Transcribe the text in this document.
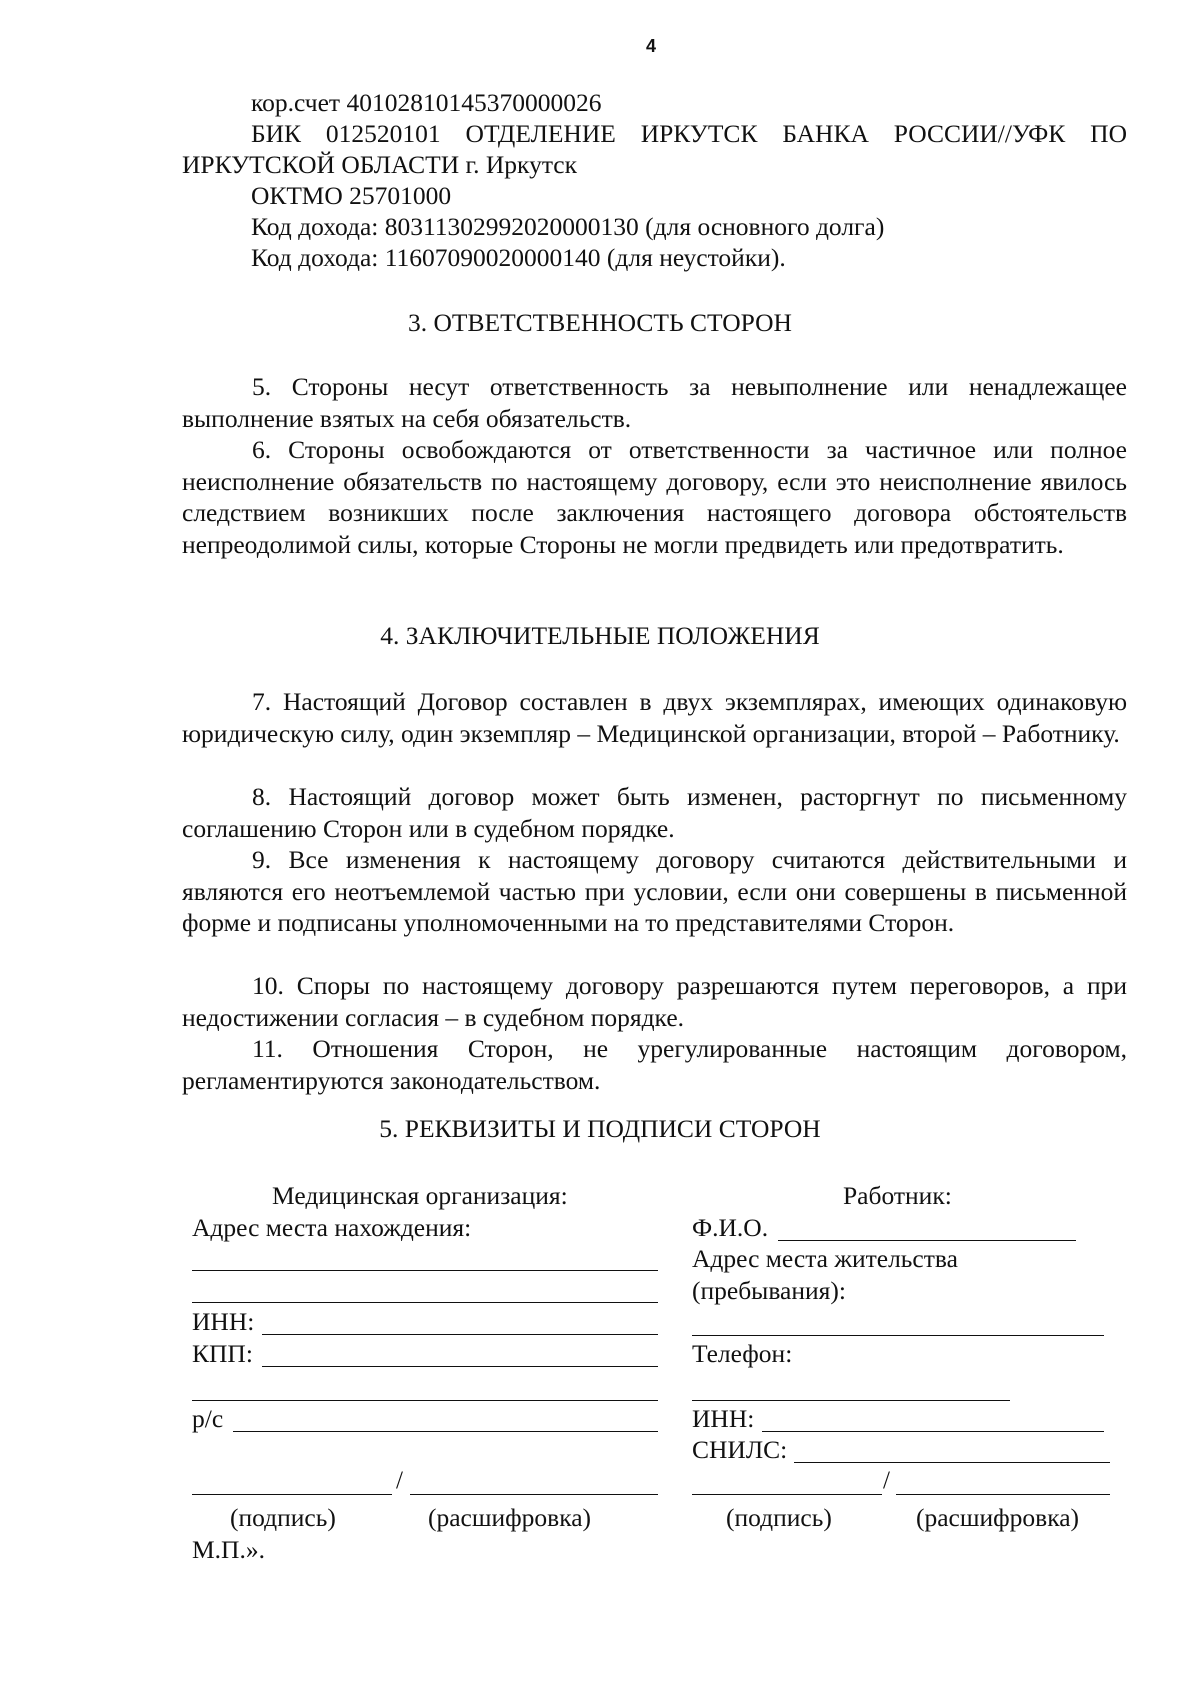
4
кор.счет 40102810145370000026
БИК 012520101 ОТДЕЛЕНИЕ ИРКУТСК БАНКА РОССИИ//УФК ПО
ИРКУТСКОЙ ОБЛАСТИ г. Иркутск
ОКТМО 25701000
Код дохода: 80311302992020000130 (для основного долга)
Код дохода: 11607090020000140 (для неустойки).
3. ОТВЕТСТВЕННОСТЬ СТОРОН
5. Стороны несут ответственность за невыполнение или ненадлежащее выполнение взятых на себя обязательств.
6. Стороны освобождаются от ответственности за частичное или полное неисполнение обязательств по настоящему договору, если это неисполнение явилось следствием возникших после заключения настоящего договора обстоятельств непреодолимой силы, которые Стороны не могли предвидеть или предотвратить.
4. ЗАКЛЮЧИТЕЛЬНЫЕ ПОЛОЖЕНИЯ
7. Настоящий Договор составлен в двух экземплярах, имеющих одинаковую юридическую силу, один экземпляр – Медицинской организации, второй – Работнику.
8. Настоящий договор может быть изменен, расторгнут по письменному соглашению Сторон или в судебном порядке.
9. Все изменения к настоящему договору считаются действительными и являются его неотъемлемой частью при условии, если они совершены в письменной форме и подписаны уполномоченными на то представителями Сторон.
10. Споры по настоящему договору разрешаются путем переговоров, а при недостижении согласия – в судебном порядке.
11. Отношения Сторон, не урегулированные настоящим договором, регламентируются законодательством.
5. РЕКВИЗИТЫ И ПОДПИСИ СТОРОН
Медицинская организация:
Адрес места нахождения:
ИНН:
КПП:
р/с
/
(подпись)	(расшифровка)
М.П.».
Работник:
Ф.И.О.
Адрес места жительства
(пребывания):
Телефон:
ИНН:
СНИЛС:
/
(подпись)	(расшифровка)
